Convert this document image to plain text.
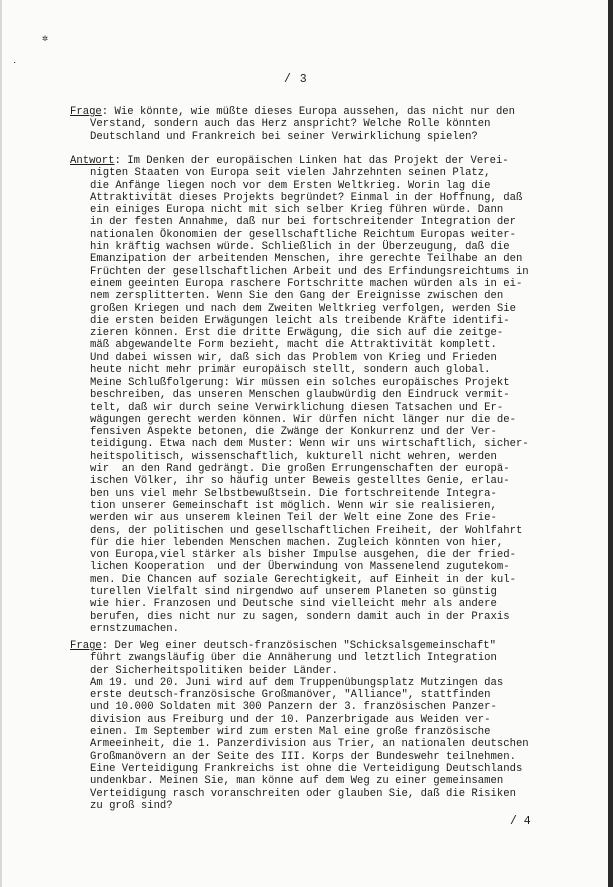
✲
․
/ 3
Frage: Wie könnte, wie müßte dieses Europa aussehen, das nicht nur den
Verstand, sondern auch das Herz anspricht? Welche Rolle könnten
Deutschland und Frankreich bei seiner Verwirklichung spielen?
Antwort: Im Denken der europäischen Linken hat das Projekt der Verei-
nigten Staaten von Europa seit vielen Jahrzehnten seinen Platz,
die Anfänge liegen noch vor dem Ersten Weltkrieg. Worin lag die
Attraktivität dieses Projekts begründet? Einmal in der Hoffnung, daß
ein einiges Europa nicht mit sich selber Krieg führen würde. Dann
in der festen Annahme, daß nur bei fortschreitender Integration der
nationalen Ökonomien der gesellschaftliche Reichtum Europas weiter-
hin kräftig wachsen würde. Schließlich in der Überzeugung, daß die
Emanzipation der arbeitenden Menschen, ihre gerechte Teilhabe an den
Früchten der gesellschaftlichen Arbeit und des Erfindungsreichtums in
einem geeinten Europa raschere Fortschritte machen würden als in ei-
nem zersplitterten. Wenn Sie den Gang der Ereignisse zwischen den
großen Kriegen und nach dem Zweiten Weltkrieg verfolgen, werden Sie
die ersten beiden Erwägungen leicht als treibende Kräfte identifi-
zieren können. Erst die dritte Erwägung, die sich auf die zeitge-
mäß abgewandelte Form bezieht, macht die Attraktivität komplett.
Und dabei wissen wir, daß sich das Problem von Krieg und Frieden
heute nicht mehr primär europäisch stellt, sondern auch global.
Meine Schlußfolgerung: Wir müssen ein solches europäisches Projekt
beschreiben, das unseren Menschen glaubwürdig den Eindruck vermit-
telt, daß wir durch seine Verwirklichung diesen Tatsachen und Er-
wägungen gerecht werden können. Wir dürfen nicht länger nur die de-
fensiven Aspekte betonen, die Zwänge der Konkurrenz und der Ver-
teidigung. Etwa nach dem Muster: Wenn wir uns wirtschaftlich, sicher-
heitspolitisch, wissenschaftlich, kukturell nicht wehren, werden
wir  an den Rand gedrängt. Die großen Errungenschaften der europä-
ischen Völker, ihr so häufig unter Beweis gestelltes Genie, erlau-
ben uns viel mehr Selbstbewußtsein. Die fortschreitende Integra-
tion unserer Gemeinschaft ist möglich. Wenn wir sie realisieren,
werden wir aus unserem kleinen Teil der Welt eine Zone des Frie-
dens, der politischen und gesellschaftlichen Freiheit, der Wohlfahrt
für die hier lebenden Menschen machen. Zugleich könnten von hier,
von Europa,viel stärker als bisher Impulse ausgehen, die der fried-
lichen Kooperation  und der Überwindung von Massenelend zugutekom-
men. Die Chancen auf soziale Gerechtigkeit, auf Einheit in der kul-
turellen Vielfalt sind nirgendwo auf unserem Planeten so günstig
wie hier. Franzosen und Deutsche sind vielleicht mehr als andere
berufen, dies nicht nur zu sagen, sondern damit auch in der Praxis
ernstzumachen.
Frage: Der Weg einer deutsch-französischen "Schicksalsgemeinschaft"
führt zwangsläufig über die Annäherung und letztlich Integration
der Sicherheitspolitiken beider Länder.
Am 19. und 20. Juni wird auf dem Truppenübungsplatz Mutzingen das
erste deutsch-französische Großmanöver, "Alliance", stattfinden
und 10.000 Soldaten mit 300 Panzern der 3. französischen Panzer-
division aus Freiburg und der 10. Panzerbrigade aus Weiden ver-
einen. Im September wird zum ersten Mal eine große französische
Armeeinheit, die 1. Panzerdivision aus Trier, an nationalen deutschen
Großmanövern an der Seite des III. Korps der Bundeswehr teilnehmen.
Eine Verteidigung Frankreichs ist ohne die Verteidigung Deutschlands
undenkbar. Meinen Sie, man könne auf dem Weg zu einer gemeinsamen
Verteidigung rasch voranschreiten oder glauben Sie, daß die Risiken
zu groß sind?
/ 4
